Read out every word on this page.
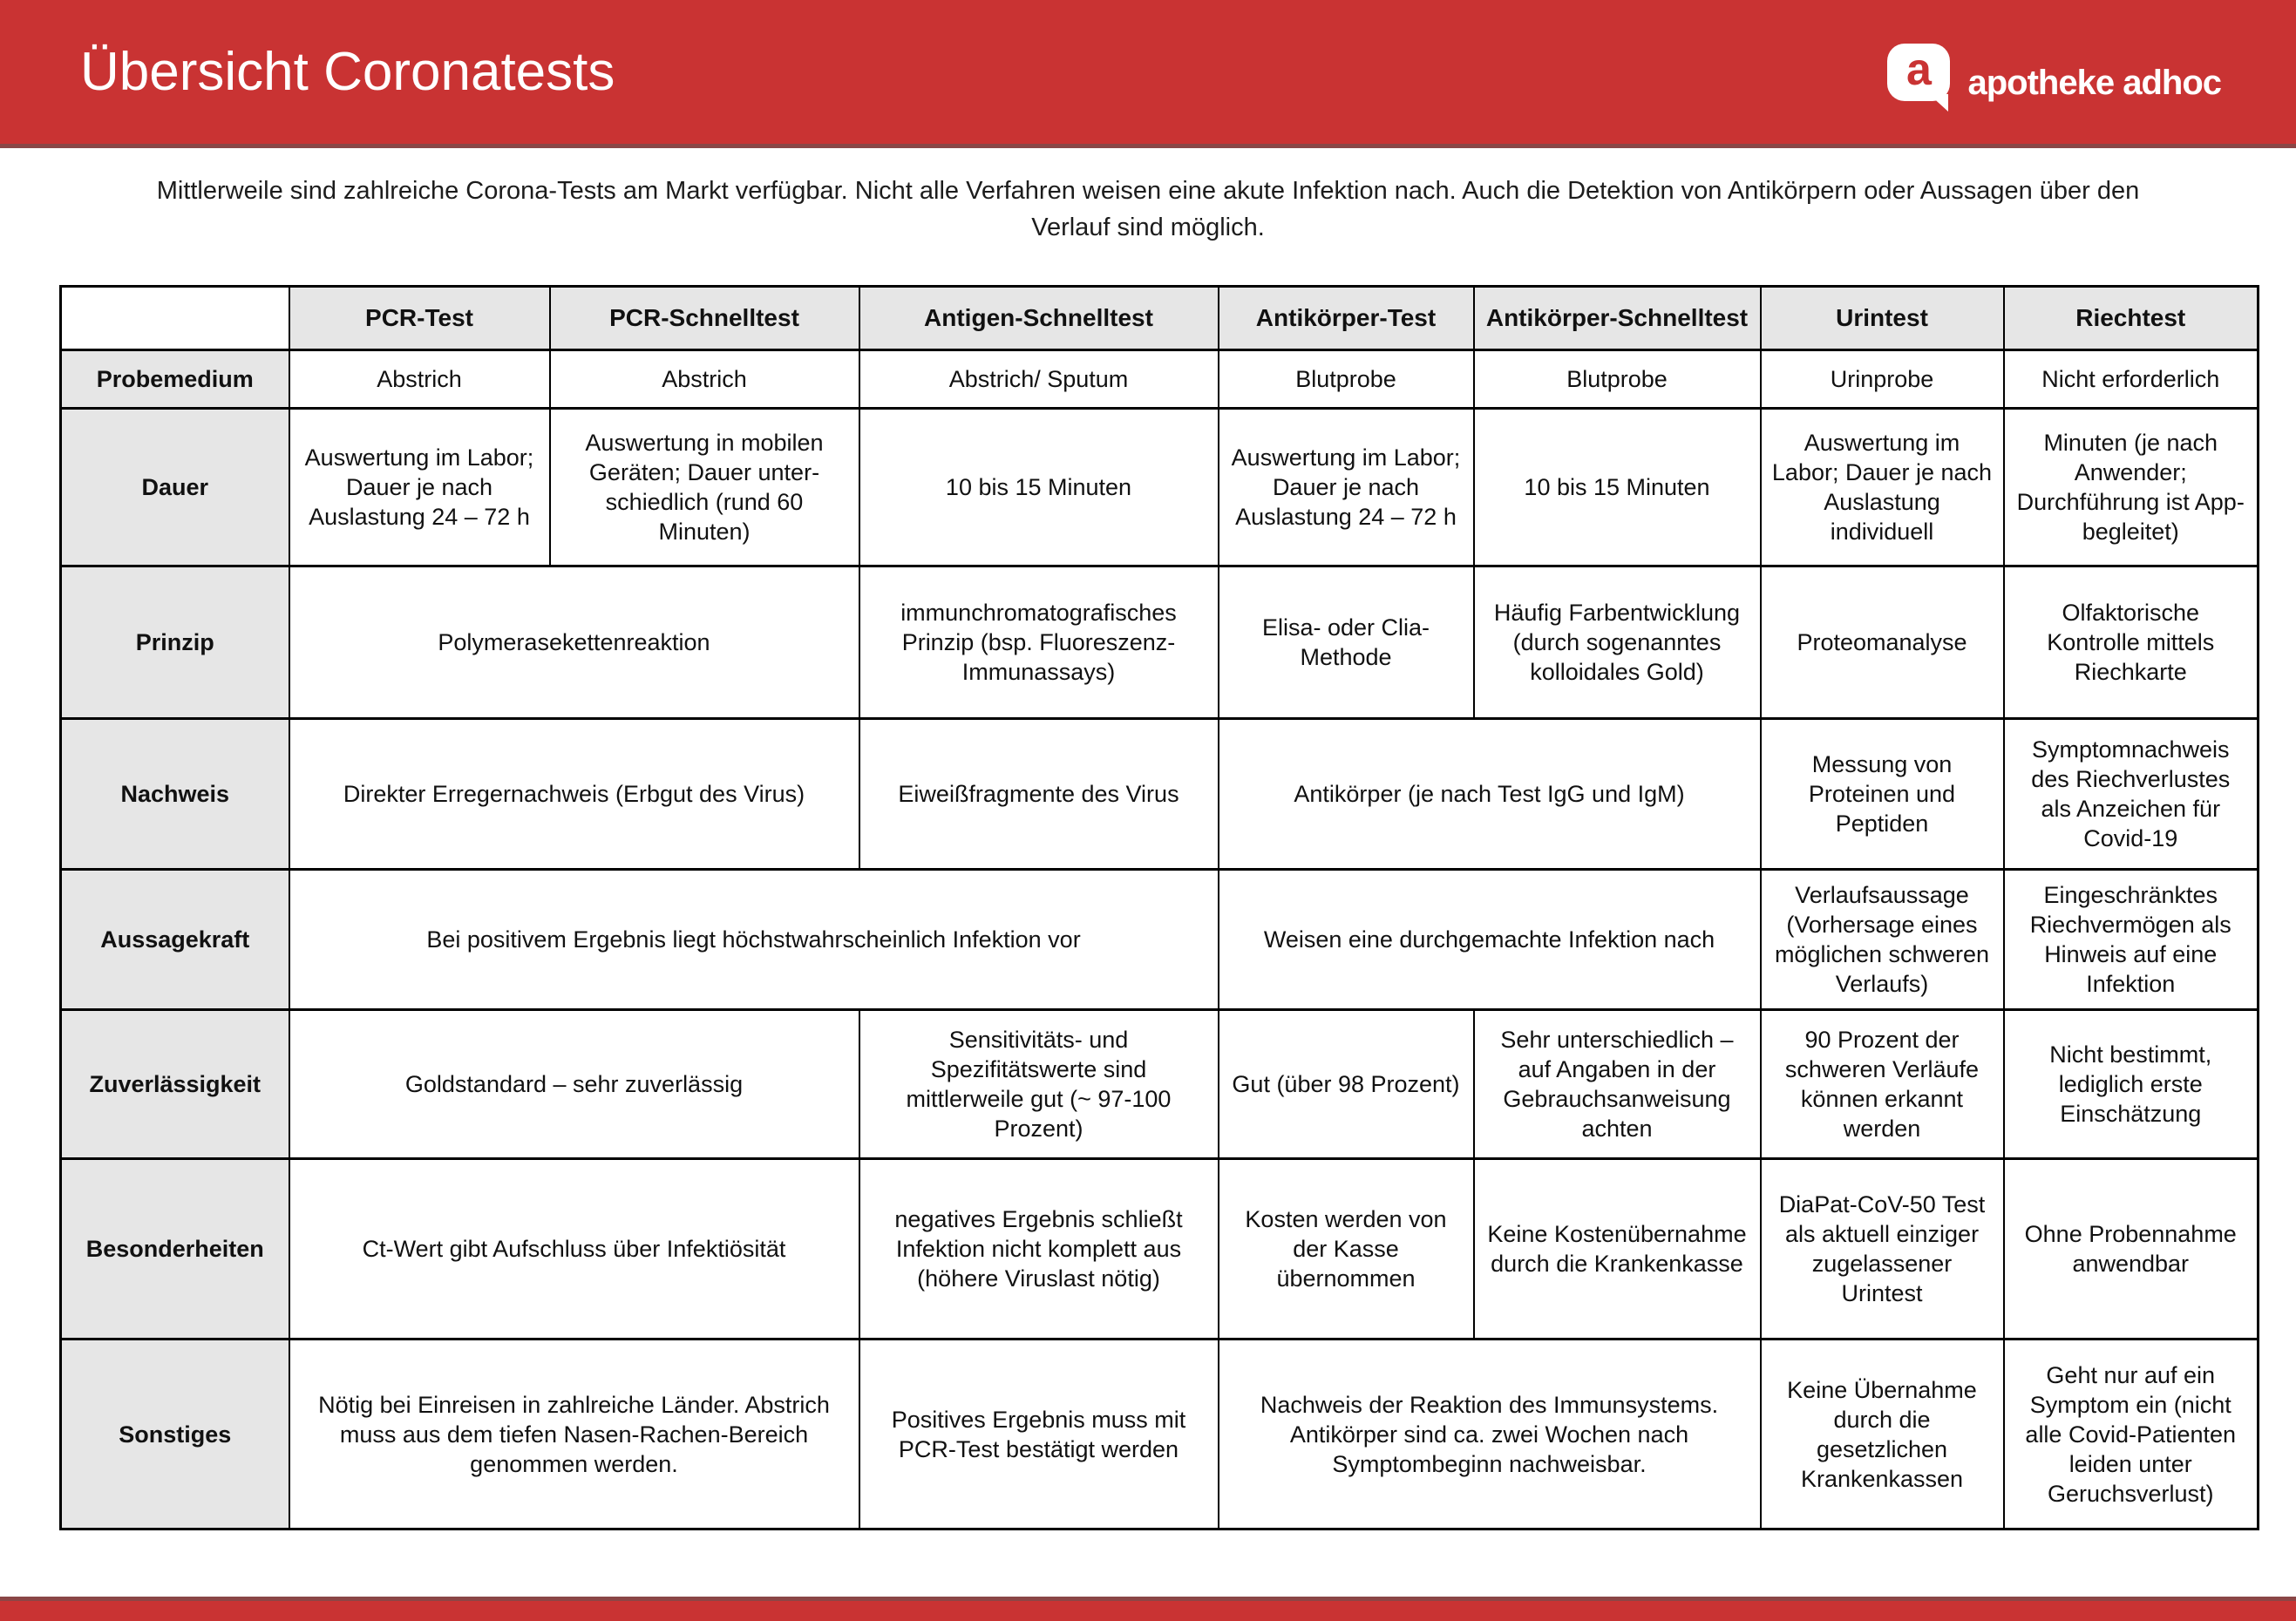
Übersicht Coronatests	a apotheke adhoc
Mittlerweile sind zahlreiche Corona-Tests am Markt verfügbar. Nicht alle Verfahren weisen eine akute Infektion nach. Auch die Detektion von Antikörpern oder Aussagen über den Verlauf sind möglich.
	PCR-Test	PCR-Schnelltest	Antigen-Schnelltest	Antikörper-Test	Antikörper-Schnelltest	Urintest	Riechtest
Probemedium	Abstrich	Abstrich	Abstrich/ Sputum	Blutprobe	Blutprobe	Urinprobe	Nicht erforderlich
Dauer	Auswertung im Labor; Dauer je nach Auslastung 24 – 72 h	Auswertung in mobilen Geräten; Dauer unter-schiedlich (rund 60 Minuten)	10 bis 15 Minuten	Auswertung im Labor; Dauer je nach Auslastung 24 – 72 h	10 bis 15 Minuten	Auswertung im Labor; Dauer je nach Auslastung individuell	Minuten (je nach Anwender; Durchführung ist App-begleitet)
Prinzip	Polymerasekettenreaktion		immunchromatografisches Prinzip (bsp. Fluoreszenz-Immunassays)	Elisa- oder Clia-Methode	Häufig Farbentwicklung (durch sogenanntes kolloidales Gold)	Proteomanalyse	Olfaktorische Kontrolle mittels Riechkarte
Nachweis	Direkter Erregernachweis (Erbgut des Virus)		Eiweißfragmente des Virus	Antikörper (je nach Test IgG und IgM)		Messung von Proteinen und Peptiden	Symptomnachweis des Riechverlustes als Anzeichen für Covid-19
Aussagekraft	Bei positivem Ergebnis liegt höchstwahrscheinlich Infektion vor			Weisen eine durchgemachte Infektion nach		Verlaufsaussage (Vorhersage eines möglichen schweren Verlaufs)	Eingeschränktes Riechvermögen als Hinweis auf eine Infektion
Zuverlässigkeit	Goldstandard – sehr zuverlässig		Sensitivitäts- und Spezifitätswerte sind mittlerweile gut (~ 97-100 Prozent)	Gut (über 98 Prozent)	Sehr unterschiedlich – auf Angaben in der Gebrauchsanweisung achten	90 Prozent der schweren Verläufe können erkannt werden	Nicht bestimmt, lediglich erste Einschätzung
Besonderheiten	Ct-Wert gibt Aufschluss über Infektiösität		negatives Ergebnis schließt Infektion nicht komplett aus (höhere Viruslast nötig)	Kosten werden von der Kasse übernommen	Keine Kostenübernahme durch die Krankenkasse	DiaPat-CoV-50 Test als aktuell einziger zugelassener Urintest	Ohne Probennahme anwendbar
Sonstiges	Nötig bei Einreisen in zahlreiche Länder. Abstrich muss aus dem tiefen Nasen-Rachen-Bereich genommen werden.		Positives Ergebnis muss mit PCR-Test bestätigt werden	Nachweis der Reaktion des Immunsystems. Antikörper sind ca. zwei Wochen nach Symptombeginn nachweisbar.		Keine Übernahme durch die gesetzlichen Krankenkassen	Geht nur auf ein Symptom ein (nicht alle Covid-Patienten leiden unter Geruchsverlust)
